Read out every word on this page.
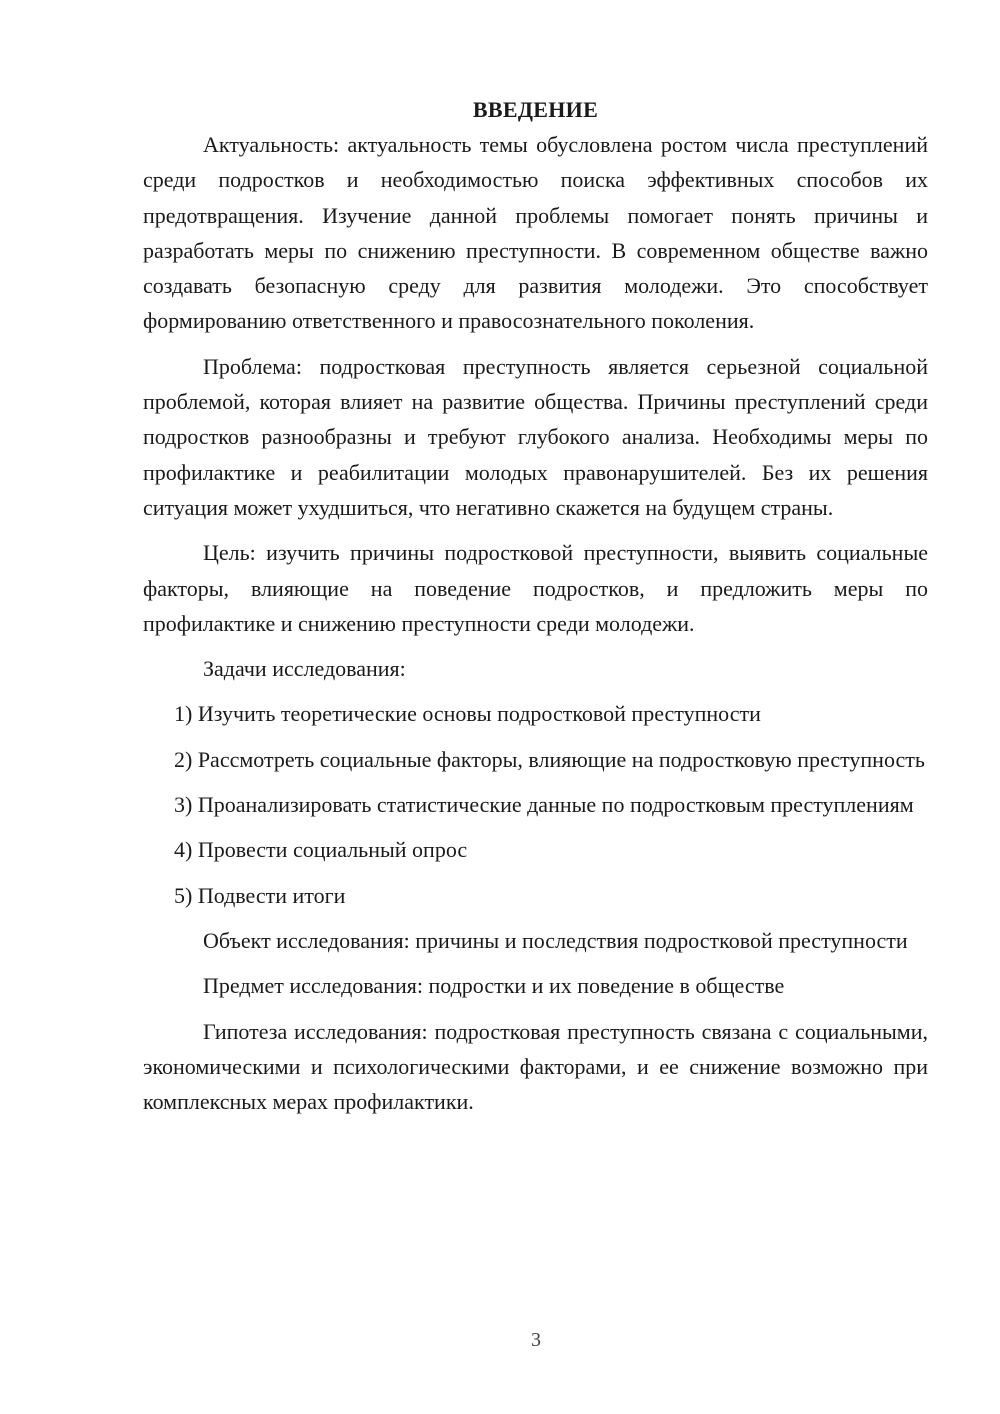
ВВЕДЕНИЕ

Актуальность: актуальность темы обусловлена ростом числа преступлений среди подростков и необходимостью поиска эффективных способов их предотвращения. Изучение данной проблемы помогает понять причины и разработать меры по снижению преступности. В современном обществе важно создавать безопасную среду для развития молодежи. Это способствует формированию ответственного и правосознательного поколения.

Проблема: подростковая преступность является серьезной социальной проблемой, которая влияет на развитие общества. Причины преступлений среди подростков разнообразны и требуют глубокого анализа. Необходимы меры по профилактике и реабилитации молодых правонарушителей. Без их решения ситуация может ухудшиться, что негативно скажется на будущем страны.

Цель: изучить причины подростковой преступности, выявить социальные факторы, влияющие на поведение подростков, и предложить меры по профилактике и снижению преступности среди молодежи.

Задачи исследования:

1) Изучить теоретические основы подростковой преступности

2) Рассмотреть социальные факторы, влияющие на подростковую преступность

3) Проанализировать статистические данные по подростковым преступлениям

4) Провести социальный опрос

5) Подвести итоги

Объект исследования: причины и последствия подростковой преступности

Предмет исследования: подростки и их поведение в обществе

Гипотеза исследования: подростковая преступность связана с социальными, экономическими и психологическими факторами, и ее снижение возможно при комплексных мерах профилактики.

3
